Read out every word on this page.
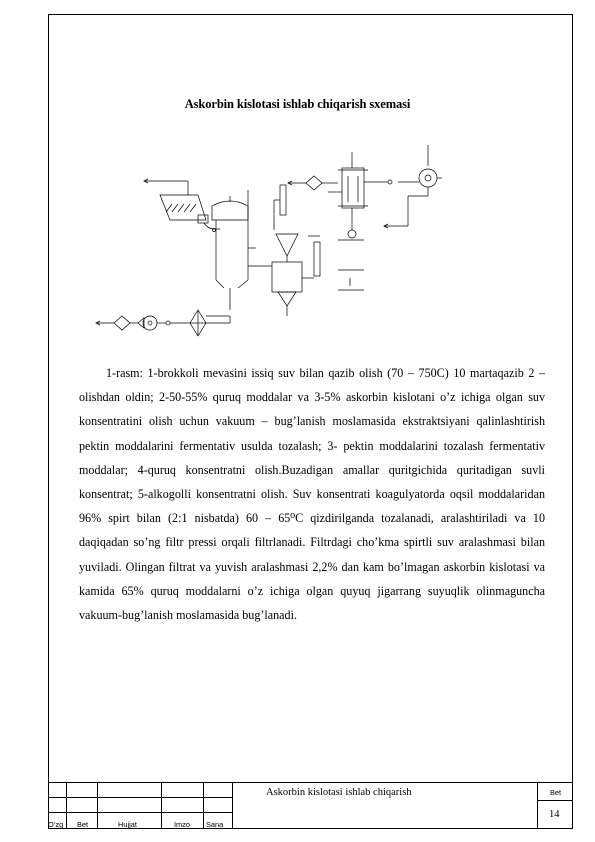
Askorbin kislotasi ishlab chiqarish sxemasi
1-rasm: 1-brokkoli mevasini issiq suv bilan qazib olish (70 – 750C) 10 martaqazib 2 – olishdan oldin; 2-50-55% quruq moddalar va 3-5% askorbin kislotani o’z ichiga olgan suv konsentratini olish uchun vakuum – bug’lanish moslamasida ekstraktsiyani qalinlashtirish pektin moddalarini fermentativ usulda tozalash; 3- pektin moddalarini tozalash fermentativ moddalar; 4-quruq konsentratni olish.Buzadigan amallar quritgichida quritadigan suvli konsentrat; 5-alkogolli konsentratni olish. Suv konsentrati koagulyatorda oqsil moddalaridan 96% spirt bilan (2:1 nisbatda) 60 – 65⁰C qizdirilganda tozalanadi, aralashtiriladi va 10 daqiqadan so’ng filtr pressi orqali filtrlanadi. Filtrdagi cho’kma spirtli suv aralashmasi bilan yuviladi. Olingan filtrat va yuvish aralashmasi 2,2% dan kam bo’lmagan askorbin kislotasi va kamida 65% quruq moddalarni o’z ichiga olgan quyuq jigarrang suyuqlik olinmaguncha vakuum-bug’lanish moslamasida bug’lanadi.
O’zg Bet	Hujjat	Imzo Sana
Askorbin kislotasi ishlab chiqarish	Bet
14
